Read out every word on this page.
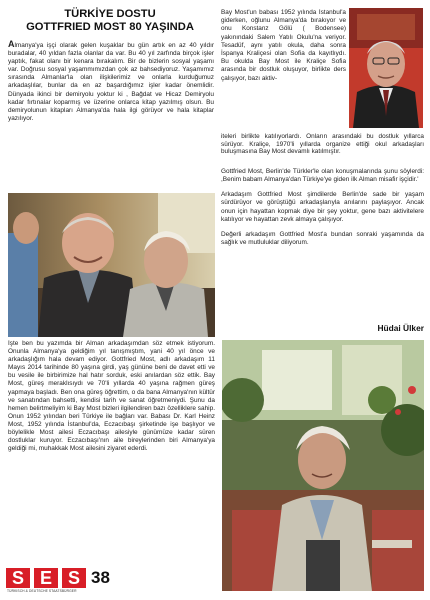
TÜRKİYE DOSTU
GOTTFRIED MOST 80 YAŞINDA

Almanya'ya işçi olarak gelen kuşaklar bu gün artık en az 40 yıldır buradalar, 40 yıldan fazla olanlar da var. Bu 40 yıl zarfında birçok işler yaptık, fakat olanı bir kenara bırakalım. Bir de bizlerin sosyal yaşamı var. Doğrusu sosyal yaşammımızdan çok az bahsediyoruz. Yaşamımız sırasında Almanlar'la olan ilişkilerimiz ve onlarla kurduğumuz arkadaşlılar, bunlar da en az başardığımız işler kadar önemlidir. Dünyada ikinci bir demiryolu yoktur ki , Bağdat ve Hicaz Demiryolu kadar fırtınalar koparmış ve üzerine onlarca kitap yazılmış olsun. Bu demiryolunun kitapları Almanya'da hala ilgi görüyor ve hala kitaplar yazılıyor.

Bay Most'un babası 1952 yılında İstanbul'a giderken, oğlunu Almanya'da bırakıyor ve onu Konstanz Gölü ( Bodensee) yakınındaki Salem Yatılı Okulu'na veriyor. Tesadüf, aynı yatılı okula, daha sonra İspanya Kraliçesi olan Sofia da kayıtlıydı. Bu okulda Bay Most ile Kraliçe Sofia arasında bir dostluk oluşuyor, birlikte ders çalışıyor, bazı aktiv-

iteleri birlikte katılıyorlardı. Onların arasındaki bu dostluk yıllarca sürüyor. Kraliçe, 1970'li yıllarda organize ettiği okul arkadaşları buluşmasına Bay Most devamlı katılmıştır.

Gottfried Most, Berlin'de Türkler'le olan konuşmalarında şunu söylerdi: ,Benim babam Almanya'dan Türkiye'ye giden ilk Alman misafir işçidir.'

Arkadaşım Gottfried Most şimdilerde Berlin'de sade bir yaşam sürdürüyor ve görüştüğü arkadaşlarıyla anılarını paylaşıyor. Ancak onun için hayattan kopmak diye bir şey yoktur, gene bazı aktivitelere katılıyor ve hayattan zevk almaya çalışıyor.

Değerli arkadaşım Gottfried Most'a bundan sonraki yaşamında da sağlık ve mutluluklar diliyorum.

Hüdai Ülker

İşte ben bu yazımda bir Alman arkadaşımdan söz etmek istiyorum. Onunla Almanya'ya geldiğim yıl tanışmıştım, yani 40 yıl önce ve arkadaşlığım hala devam ediyor. Gottfried Most, adlı arkadaşım 11 Mayıs 2014 tarihinde 80 yaşına girdi, yaş gününe beni de davet etti ve bu vesile ile birbirimize hal hatır sorduk, eski anılardan söz ettik. Bay Most, güreş meraklısıydı ve 70'li yıllarda 40 yaşına rağmen güreş yapmaya başladı. Ben ona güreş öğrettim, o da bana Almanya'nın kültür ve sanatından bahsetti, kendisi tarih ve sanat öğretmeniydi. Şunu da hemen belirtmeliyim ki Bay Most bizleri ilgilendiren bazı özelliklere sahip. Onun 1952 yılından beri Türkiye ile bağları var. Babası Dr. Karl Heinz Most, 1952 yılında İstanbul'da, Eczacıbaşı şirketinde işe başlıyor ve böylelikle Most ailesi Eczacıbaşı ailesiyle günümüze kadar süren dostluklar kuruyor. Eczacıbaşı'nın aile bireylerinden biri Almanya'ya geldiği mi, muhakkak Most ailesini ziyaret ederdi.

S E S
TÜRKISCH & DEUTSCHE STAATSBÜRGER
38
